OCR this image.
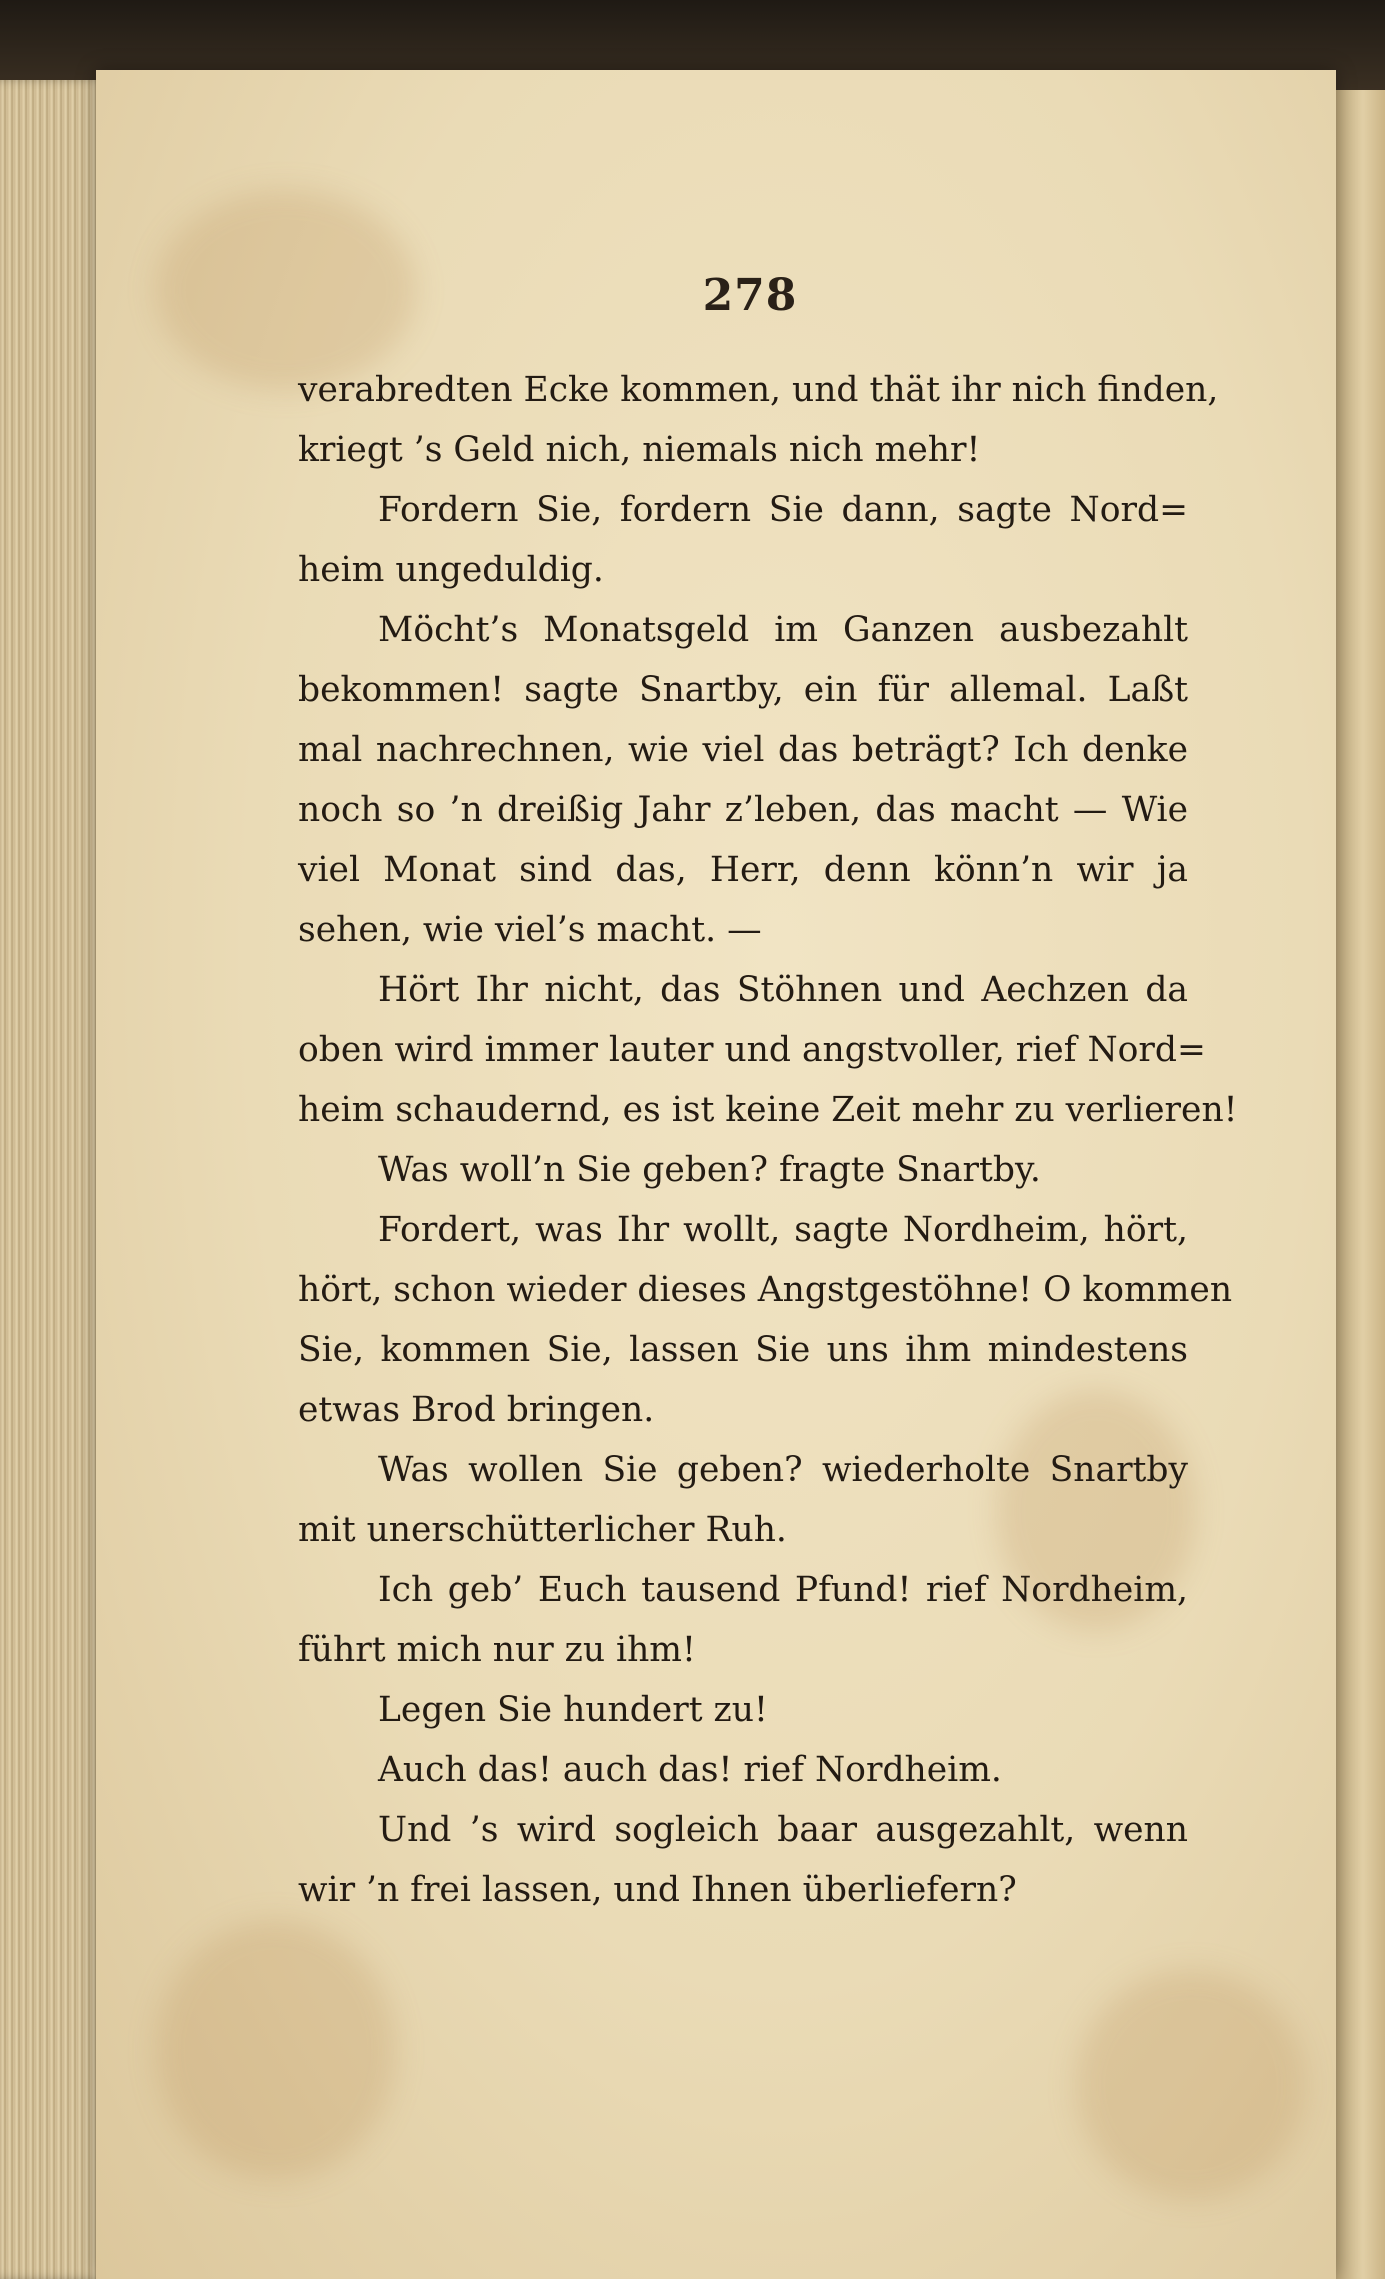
278
verabredten Ecke kommen, und thät ihr nich finden,
kriegt ’s Geld nich, niemals nich mehr!
Fordern Sie, fordern Sie dann, sagte Nord=
heim ungeduldig.
Möcht’s Monatsgeld im Ganzen ausbezahlt
bekommen! sagte Snartby, ein für allemal. Laßt
mal nachrechnen, wie viel das beträgt? Ich denke
noch so ’n dreißig Jahr z’leben, das macht — Wie
viel Monat sind das, Herr, denn könn’n wir ja
sehen, wie viel’s macht. —
Hört Ihr nicht, das Stöhnen und Aechzen da
oben wird immer lauter und angstvoller, rief Nord=
heim schaudernd, es ist keine Zeit mehr zu verlieren!
Was woll’n Sie geben? fragte Snartby.
Fordert, was Ihr wollt, sagte Nordheim, hört,
hört, schon wieder dieses Angstgestöhne! O kommen
Sie, kommen Sie, lassen Sie uns ihm mindestens
etwas Brod bringen.
Was wollen Sie geben? wiederholte Snartby
mit unerschütterlicher Ruh.
Ich geb’ Euch tausend Pfund! rief Nordheim,
führt mich nur zu ihm!
Legen Sie hundert zu!
Auch das! auch das! rief Nordheim.
Und ’s wird sogleich baar ausgezahlt, wenn
wir ’n frei lassen, und Ihnen überliefern?
